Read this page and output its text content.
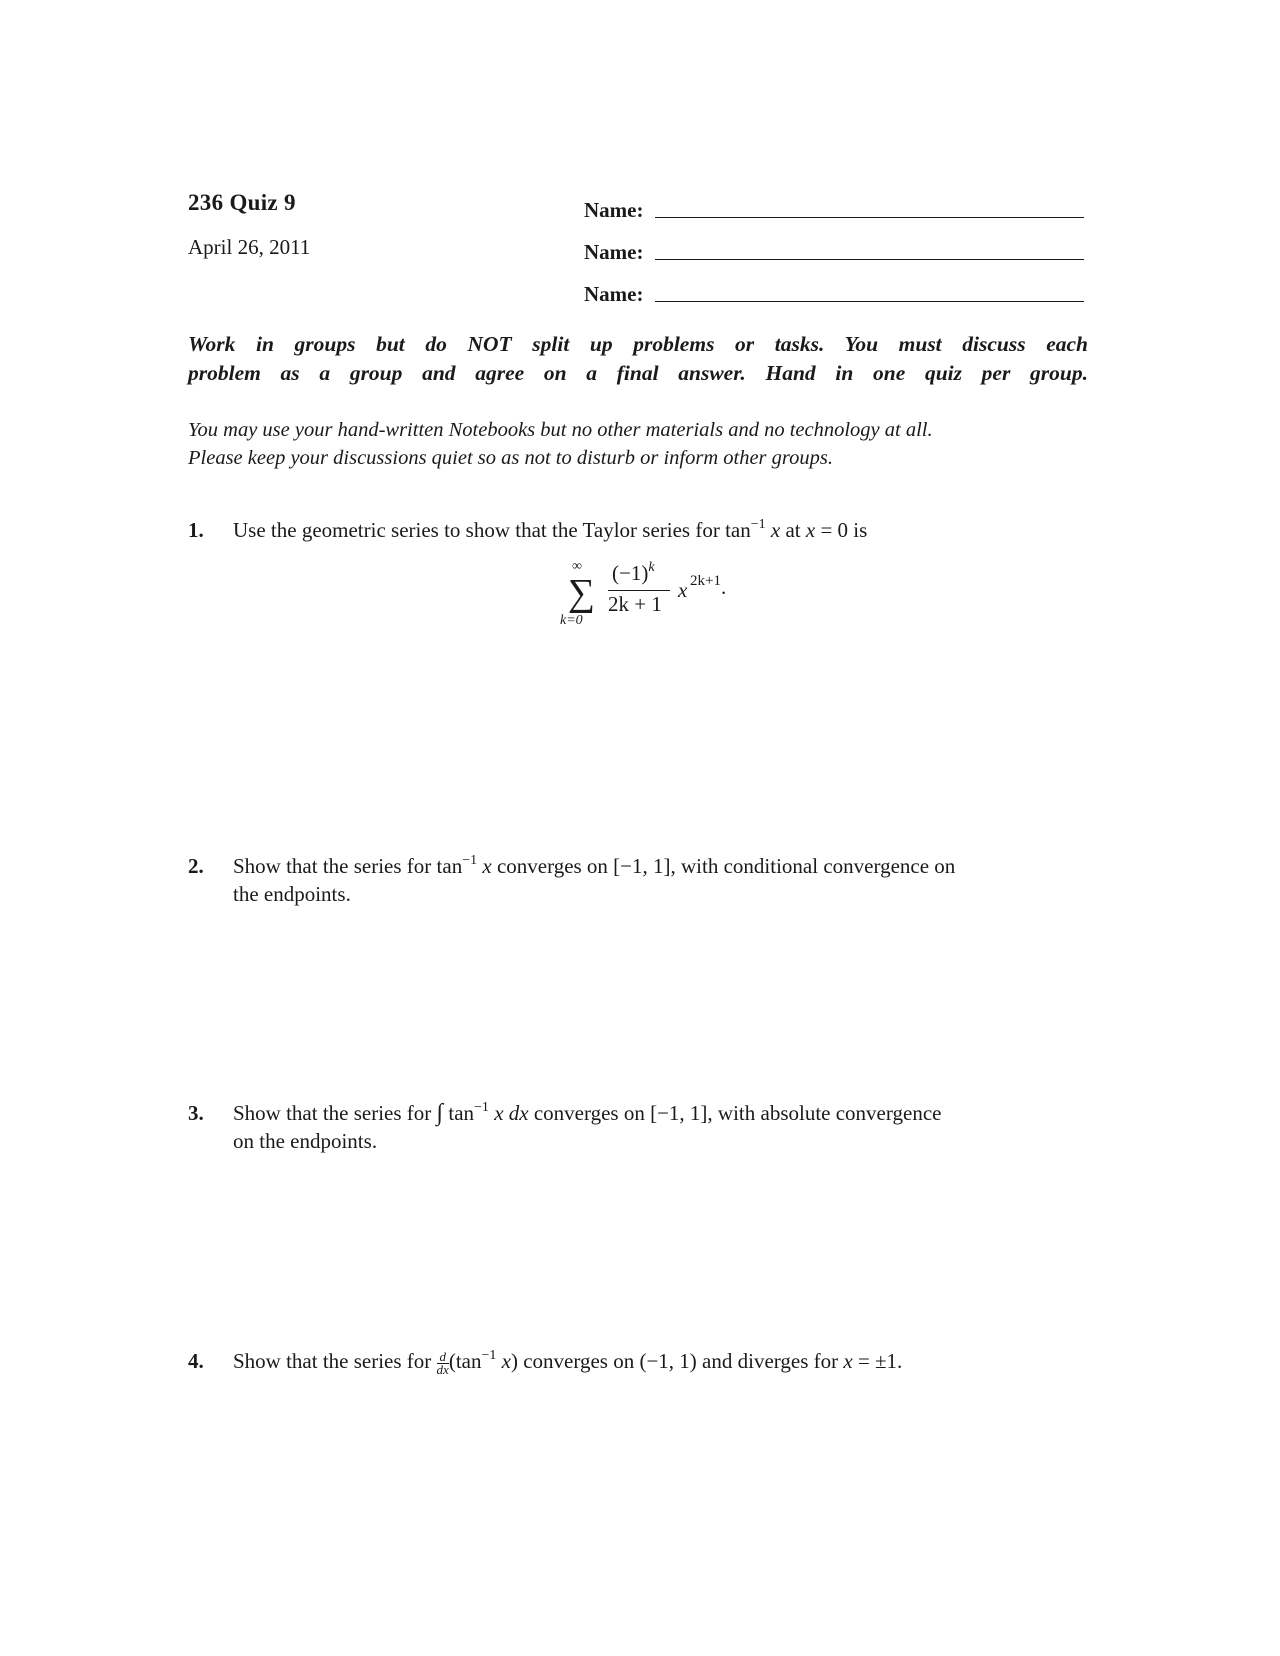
236 Quiz 9
April 26, 2011
Name:
Name:
Name:
Work in groups but do NOT split up problems or tasks. You must discuss each
problem as a group and agree on a final answer. Hand in one quiz per group.
You may use your hand-written Notebooks but no other materials and no technology at all.
Please keep your discussions quiet so as not to disturb or inform other groups.
1. Use the geometric series to show that the Taylor series for $\tan^{-1} x$ at x = 0 is
∞
∑
k=0
$(-1)^k$
2k + 1
x 2k+1.
2. Show that the series for $\tan^{-1} x$ converges on [−1, 1], with conditional convergence on
the endpoints.
3. Show that the series for ∫ $\tan^{-1} x$ dx converges on [−1, 1], with absolute convergence
on the endpoints.
4. Show that the series for $\frac{d}{dx} (\tan^{-1}$ x) converges on (−1, 1) and diverges for x = ±1.
